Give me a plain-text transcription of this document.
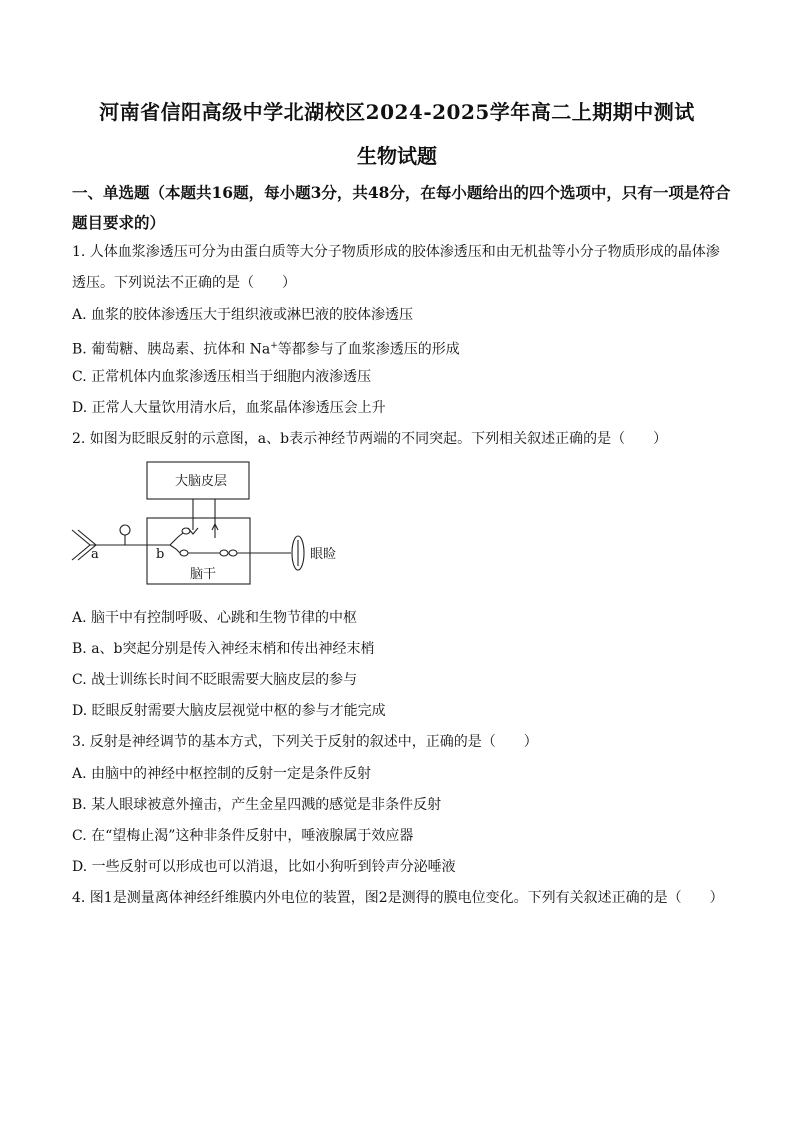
河南省信阳高级中学北湖校区2024-2025学年高二上期期中测试
生物试题
一、单选题（本题共16题，每小题3分，共48分，在每小题给出的四个选项中，只有一项是符合题目要求的）
1. 人体血浆渗透压可分为由蛋白质等大分子物质形成的胶体渗透压和由无机盐等小分子物质形成的晶体渗
透压。下列说法不正确的是（　　）
A. 血浆的胶体渗透压大于组织液或淋巴液的胶体渗透压
B. 葡萄糖、胰岛素、抗体和 Na+等都参与了血浆渗透压的形成
C. 正常机体内血浆渗透压相当于细胞内液渗透压
D. 正常人大量饮用清水后，血浆晶体渗透压会上升
2. 如图为眨眼反射的示意图，a、b表示神经节两端的不同突起。下列相关叙述正确的是（　　）
大脑皮层
脑干
眼睑
a	b
A. 脑干中有控制呼吸、心跳和生物节律的中枢
B. a、b突起分别是传入神经末梢和传出神经末梢
C. 战士训练长时间不眨眼需要大脑皮层的参与
D. 眨眼反射需要大脑皮层视觉中枢的参与才能完成
3. 反射是神经调节的基本方式，下列关于反射的叙述中，正确的是（　　）
A. 由脑中的神经中枢控制的反射一定是条件反射
B. 某人眼球被意外撞击，产生金星四溅的感觉是非条件反射
C. 在“望梅止渴”这种非条件反射中，唾液腺属于效应器
D. 一些反射可以形成也可以消退，比如小狗听到铃声分泌唾液
4. 图1是测量离体神经纤维膜内外电位的装置，图2是测得的膜电位变化。下列有关叙述正确的是（　　）
